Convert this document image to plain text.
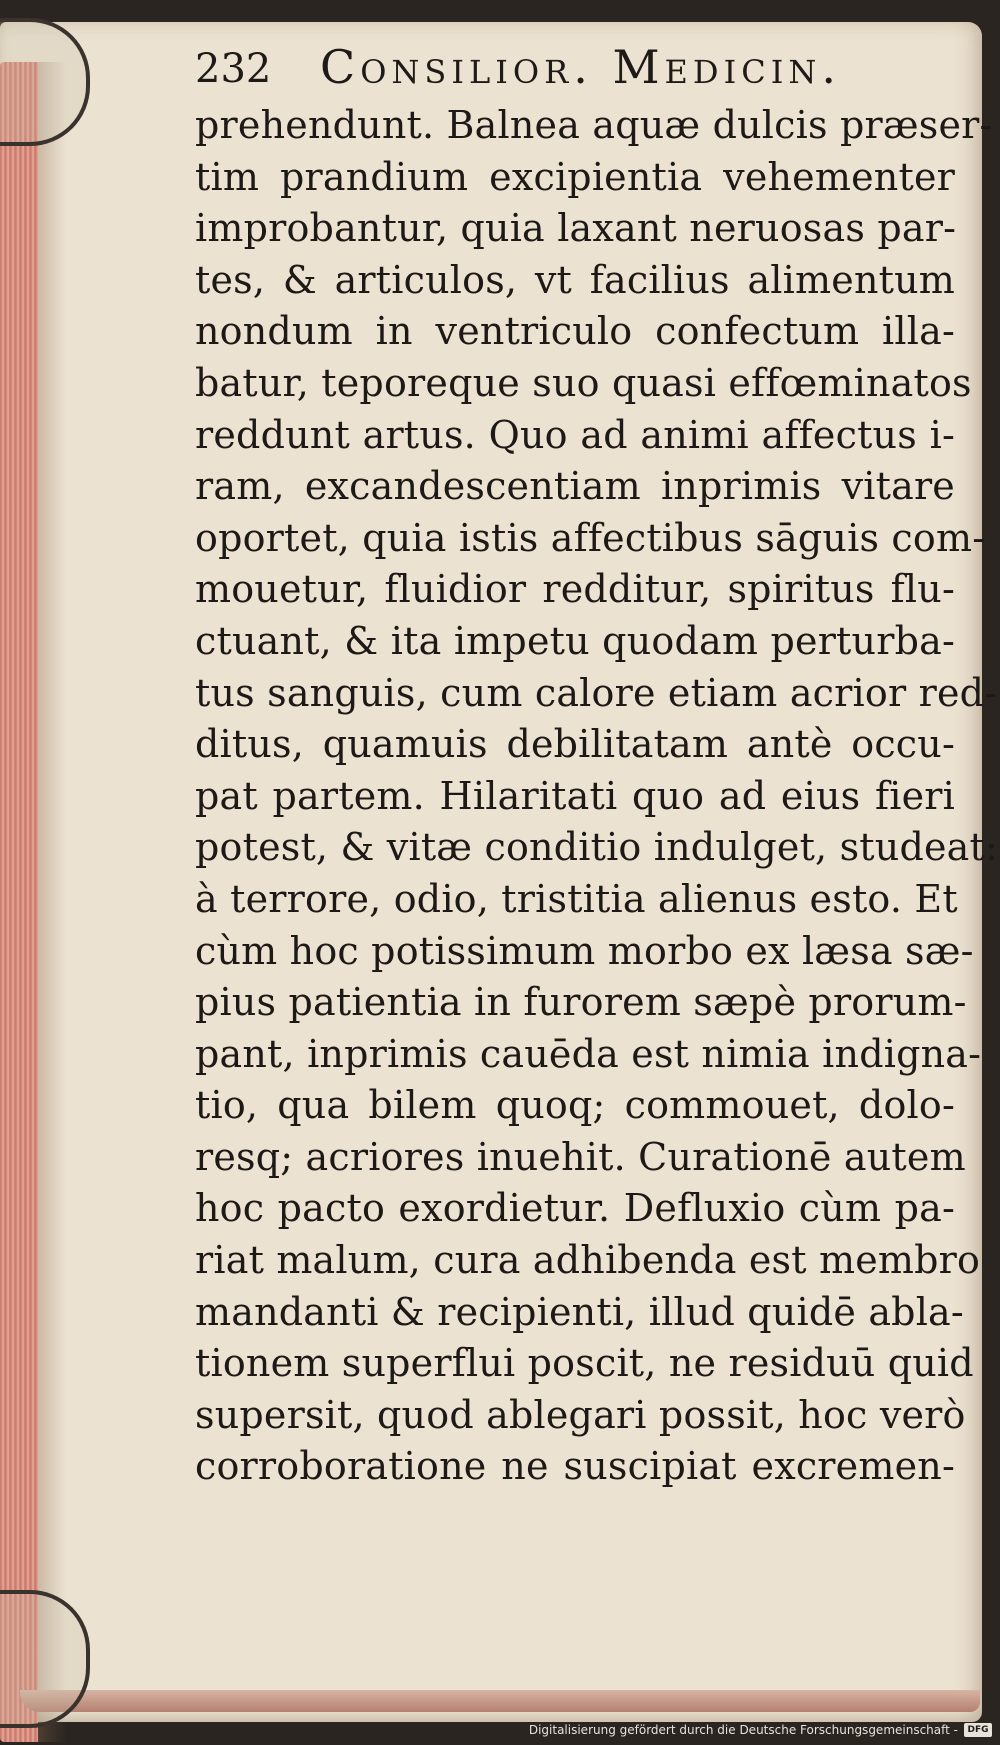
232 Consilior. Medicin.
prehendunt. Balnea aquæ dulcis præser-
tim prandium excipientia vehementer
improbantur, quia laxant neruosas par-
tes, & articulos, vt facilius alimentum
nondum in ventriculo confectum illa-
batur, teporeque suo quasi effœminatos
reddunt artus. Quo ad animi affectus i-
ram, excandescentiam inprimis vitare
oportet, quia istis affectibus sāguis com-
mouetur, fluidior redditur, spiritus flu-
ctuant, & ita impetu quodam perturba-
tus sanguis, cum calore etiam acrior red-
ditus, quamuis debilitatam antè occu-
pat partem. Hilaritati quo ad eius fieri
potest, & vitæ conditio indulget, studeat:
à terrore, odio, tristitia alienus esto. Et
cùm hoc potissimum morbo ex læsa sæ-
pius patientia in furorem sæpè prorum-
pant, inprimis cauēda est nimia indigna-
tio, qua bilem quoq; commouet, dolo-
resq; acriores inuehit. Curationē autem
hoc pacto exordietur. Defluxio cùm pa-
riat malum, cura adhibenda est membro
mandanti & recipienti, illud quidē abla-
tionem superflui poscit, ne residuū quid
supersit, quod ablegari possit, hoc verò
corroboratione ne suscipiat excremen-
Digitalisierung gefördert durch die Deutsche Forschungsgemeinschaft -	DFG
